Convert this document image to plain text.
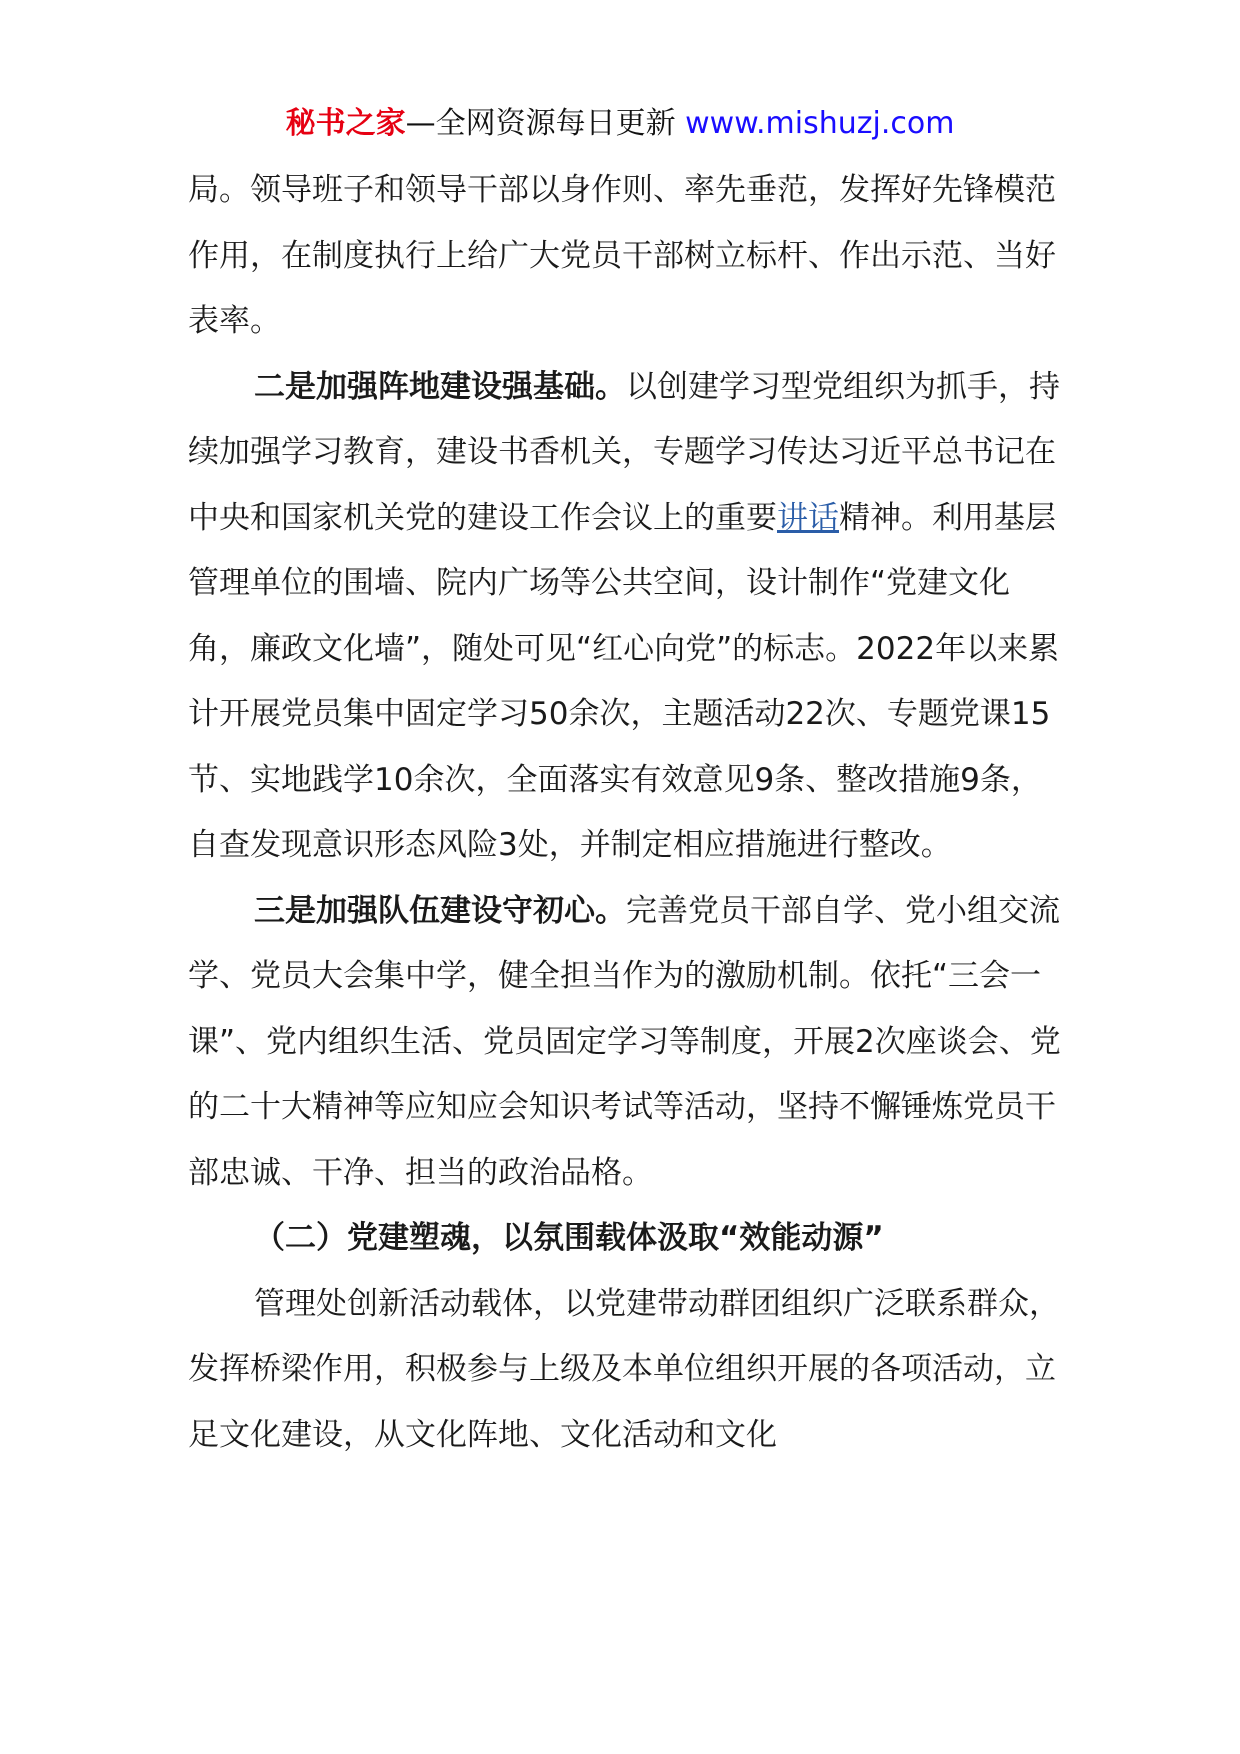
秘书之家—全网资源每日更新 www.mishuzj.com

局。领导班子和领导干部以身作则、率先垂范，发挥好先锋模范作用，在制度执行上给广大党员干部树立标杆、作出示范、当好表率。

二是加强阵地建设强基础。以创建学习型党组织为抓手，持续加强学习教育，建设书香机关，专题学习传达习近平总书记在中央和国家机关党的建设工作会议上的重要讲话精神。利用基层管理单位的围墙、院内广场等公共空间，设计制作“党建文化角，廉政文化墙”，随处可见“红心向党”的标志。2022年以来累计开展党员集中固定学习50余次，主题活动22次、专题党课15节、实地践学10余次，全面落实有效意见9条、整改措施9条，自查发现意识形态风险3处，并制定相应措施进行整改。

三是加强队伍建设守初心。完善党员干部自学、党小组交流学、党员大会集中学，健全担当作为的激励机制。依托“三会一课”、党内组织生活、党员固定学习等制度，开展2次座谈会、党的二十大精神等应知应会知识考试等活动，坚持不懈锤炼党员干部忠诚、干净、担当的政治品格。

（二）党建塑魂，以氛围载体汲取“效能动源”

管理处创新活动载体，以党建带动群团组织广泛联系群众，发挥桥梁作用，积极参与上级及本单位组织开展的各项活动，立足文化建设，从文化阵地、文化活动和文化
